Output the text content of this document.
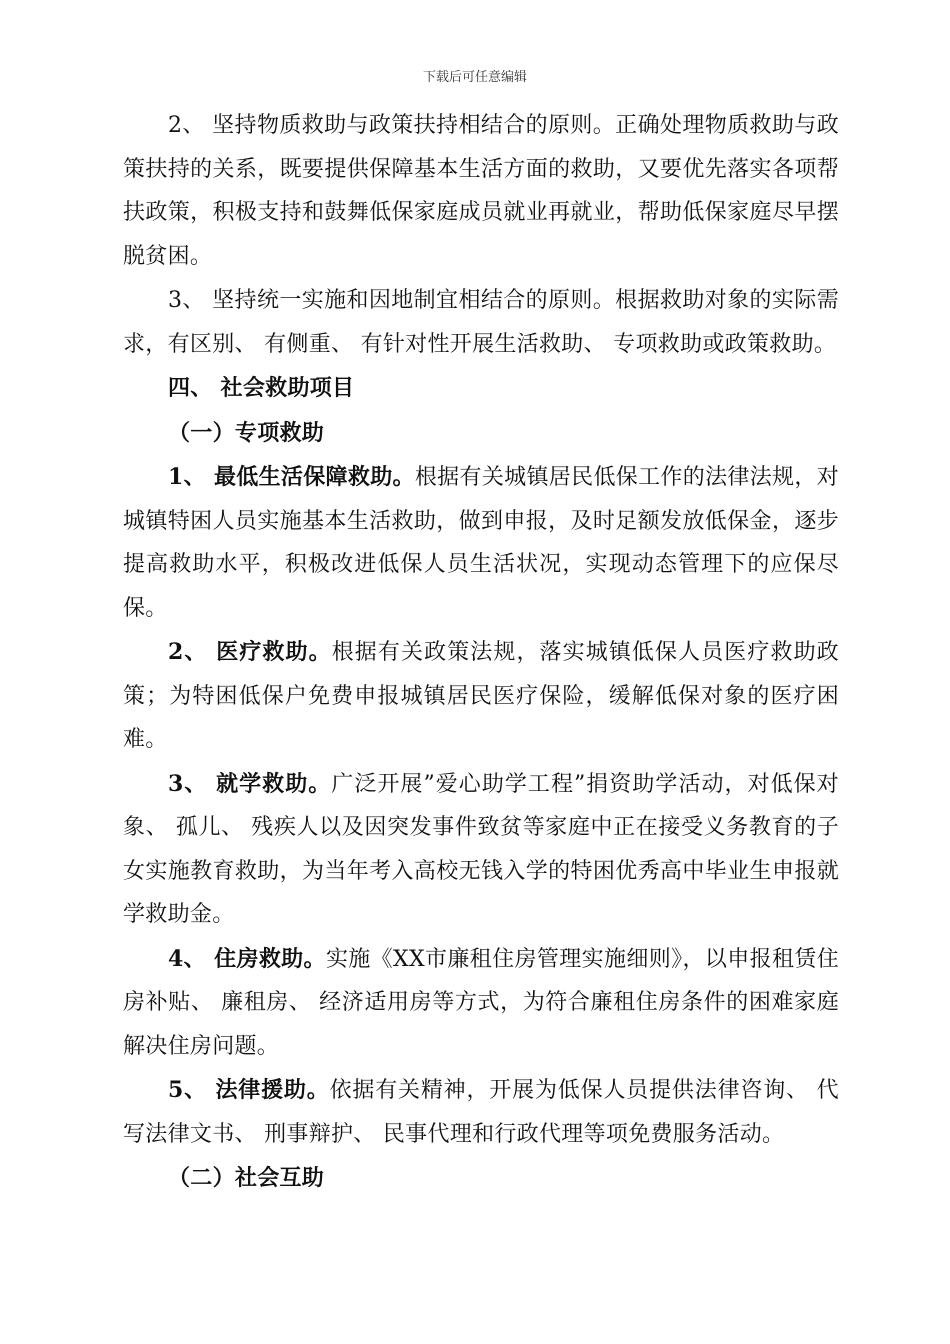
下载后可任意编辑

2、 坚持物质救助与政策扶持相结合的原则。正确处理物质救助与政策扶持的关系，既要提供保障基本生活方面的救助，又要优先落实各项帮扶政策，积极支持和鼓舞低保家庭成员就业再就业，帮助低保家庭尽早摆脱贫困。

3、 坚持统一实施和因地制宜相结合的原则。根据救助对象的实际需求，有区别、 有侧重、 有针对性开展生活救助、 专项救助或政策救助。

四、 社会救助项目

（一）专项救助

1、 最低生活保障救助。根据有关城镇居民低保工作的法律法规，对城镇特困人员实施基本生活救助，做到申报，及时足额发放低保金，逐步提高救助水平，积极改进低保人员生活状况，实现动态管理下的应保尽保。

2、 医疗救助。根据有关政策法规，落实城镇低保人员医疗救助政策；为特困低保户免费申报城镇居民医疗保险，缓解低保对象的医疗困难。

3、 就学救助。广泛开展”爱心助学工程”捐资助学活动，对低保对象、 孤儿、 残疾人以及因突发事件致贫等家庭中正在接受义务教育的子女实施教育救助，为当年考入高校无钱入学的特困优秀高中毕业生申报就学救助金。

4、 住房救助。实施《XX市廉租住房管理实施细则》，以申报租赁住房补贴、 廉租房、 经济适用房等方式，为符合廉租住房条件的困难家庭解决住房问题。

5、 法律援助。依据有关精神，开展为低保人员提供法律咨询、 代写法律文书、 刑事辩护、 民事代理和行政代理等项免费服务活动。

（二）社会互助
